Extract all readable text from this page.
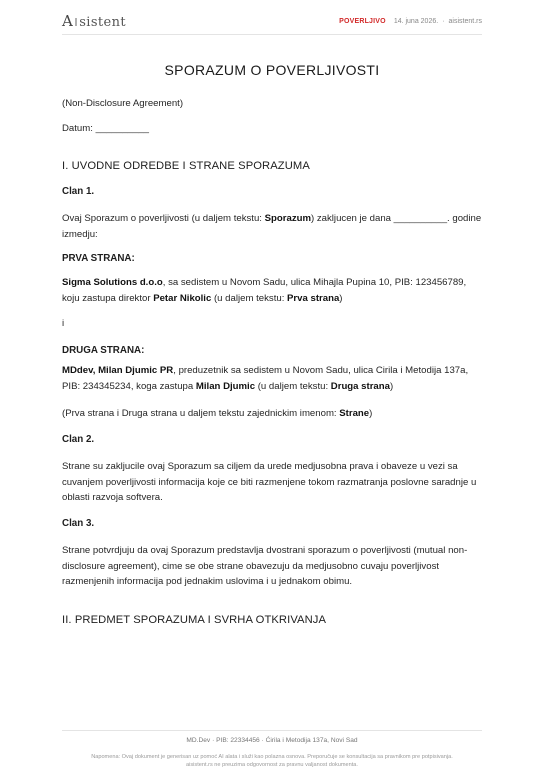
A sistent	POVERLJIVO 14. juna 2026. · aisistent.rs
SPORAZUM O POVERLJIVOSTI
(Non-Disclosure Agreement)
Datum: __________
I. UVODNE ODREDBE I STRANE SPORAZUMA
Clan 1.
Ovaj Sporazum o poverljivosti (u daljem tekstu: Sporazum) zakljucen je dana __________. godine izmedju:
PRVA STRANA:
Sigma Solutions d.o.o, sa sedistem u Novom Sadu, ulica Mihajla Pupina 10, PIB: 123456789, koju zastupa direktor Petar Nikolic (u daljem tekstu: Prva strana)
i
DRUGA STRANA:
MDdev, Milan Djumic PR, preduzetnik sa sedistem u Novom Sadu, ulica Cirila i Metodija 137a, PIB: 234345234, koga zastupa Milan Djumic (u daljem tekstu: Druga strana)
(Prva strana i Druga strana u daljem tekstu zajednickim imenom: Strane)
Clan 2.
Strane su zakljucile ovaj Sporazum sa ciljem da urede medjusobna prava i obaveze u vezi sa cuvanjem poverljivosti informacija koje ce biti razmenjene tokom razmatranja poslovne saradnje u oblasti razvoja softvera.
Clan 3.
Strane potvrdjuju da ovaj Sporazum predstavlja dvostrani sporazum o poverljivosti (mutual non-disclosure agreement), cime se obe strane obavezuju da medjusobno cuvaju poverljivost razmenjenih informacija pod jednakim uslovima i u jednakom obimu.
II. PREDMET SPORAZUMA I SVRHA OTKRIVANJA
MD.Dev · PIB: 22334456 · Ćirila i Metodija 137a, Novi Sad
Napomena: Ovaj dokument je generisan uz pomoć AI alata i služi kao polazna osnova. Preporučuje se konsultacija sa pravnikom pre potpisivanja. aisistent.rs ne preuzima odgovornost za pravnu valjanost dokumenta.
